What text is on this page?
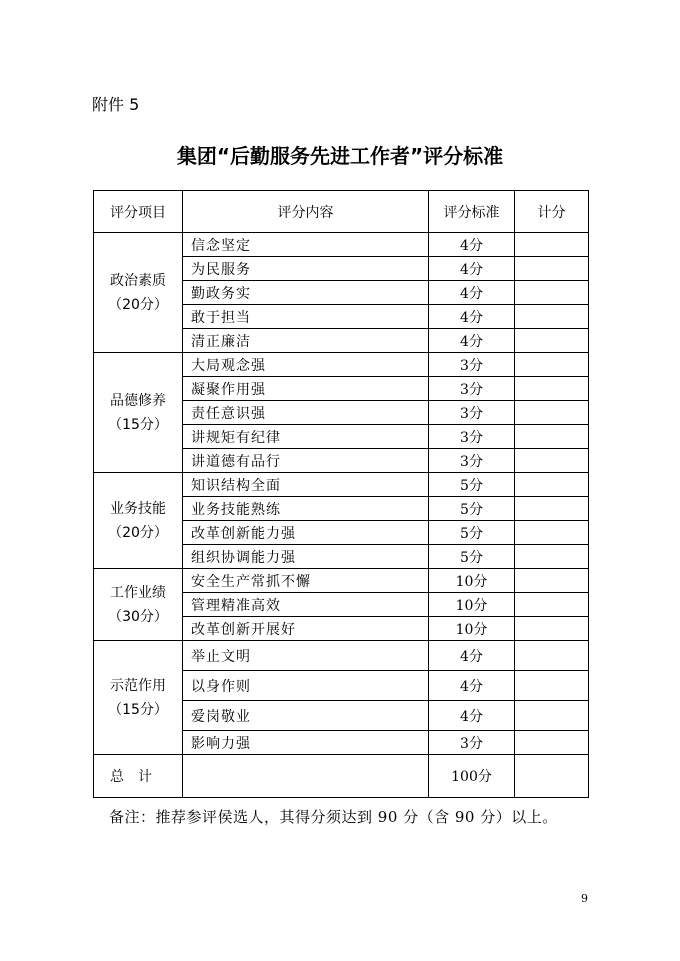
附件 5
集团“后勤服务先进工作者”评分标准
评分项目	评分内容	评分标准	计分

政治素质
（20分）	信念坚定	4分	
	为民服务	4分	
	勤政务实	4分	
	敢于担当	4分	
	清正廉洁	4分	

品德修养
（15分）	大局观念强	3分	
	凝聚作用强	3分	
	责任意识强	3分	
	讲规矩有纪律	3分	
	讲道德有品行	3分	

业务技能
（20分）	知识结构全面	5分	
	业务技能熟练	5分	
	改革创新能力强	5分	
	组织协调能力强	5分	

工作业绩
（30分）	安全生产常抓不懈	10分	
	管理精准高效	10分	
	改革创新开展好	10分	

示范作用
（15分）	举止文明	4分	
	以身作则	4分	
	爱岗敬业	4分	
	影响力强	3分	
总计		100分	
备注：推荐参评侯选人，其得分须达到 90 分（含 90 分）以上。
9
